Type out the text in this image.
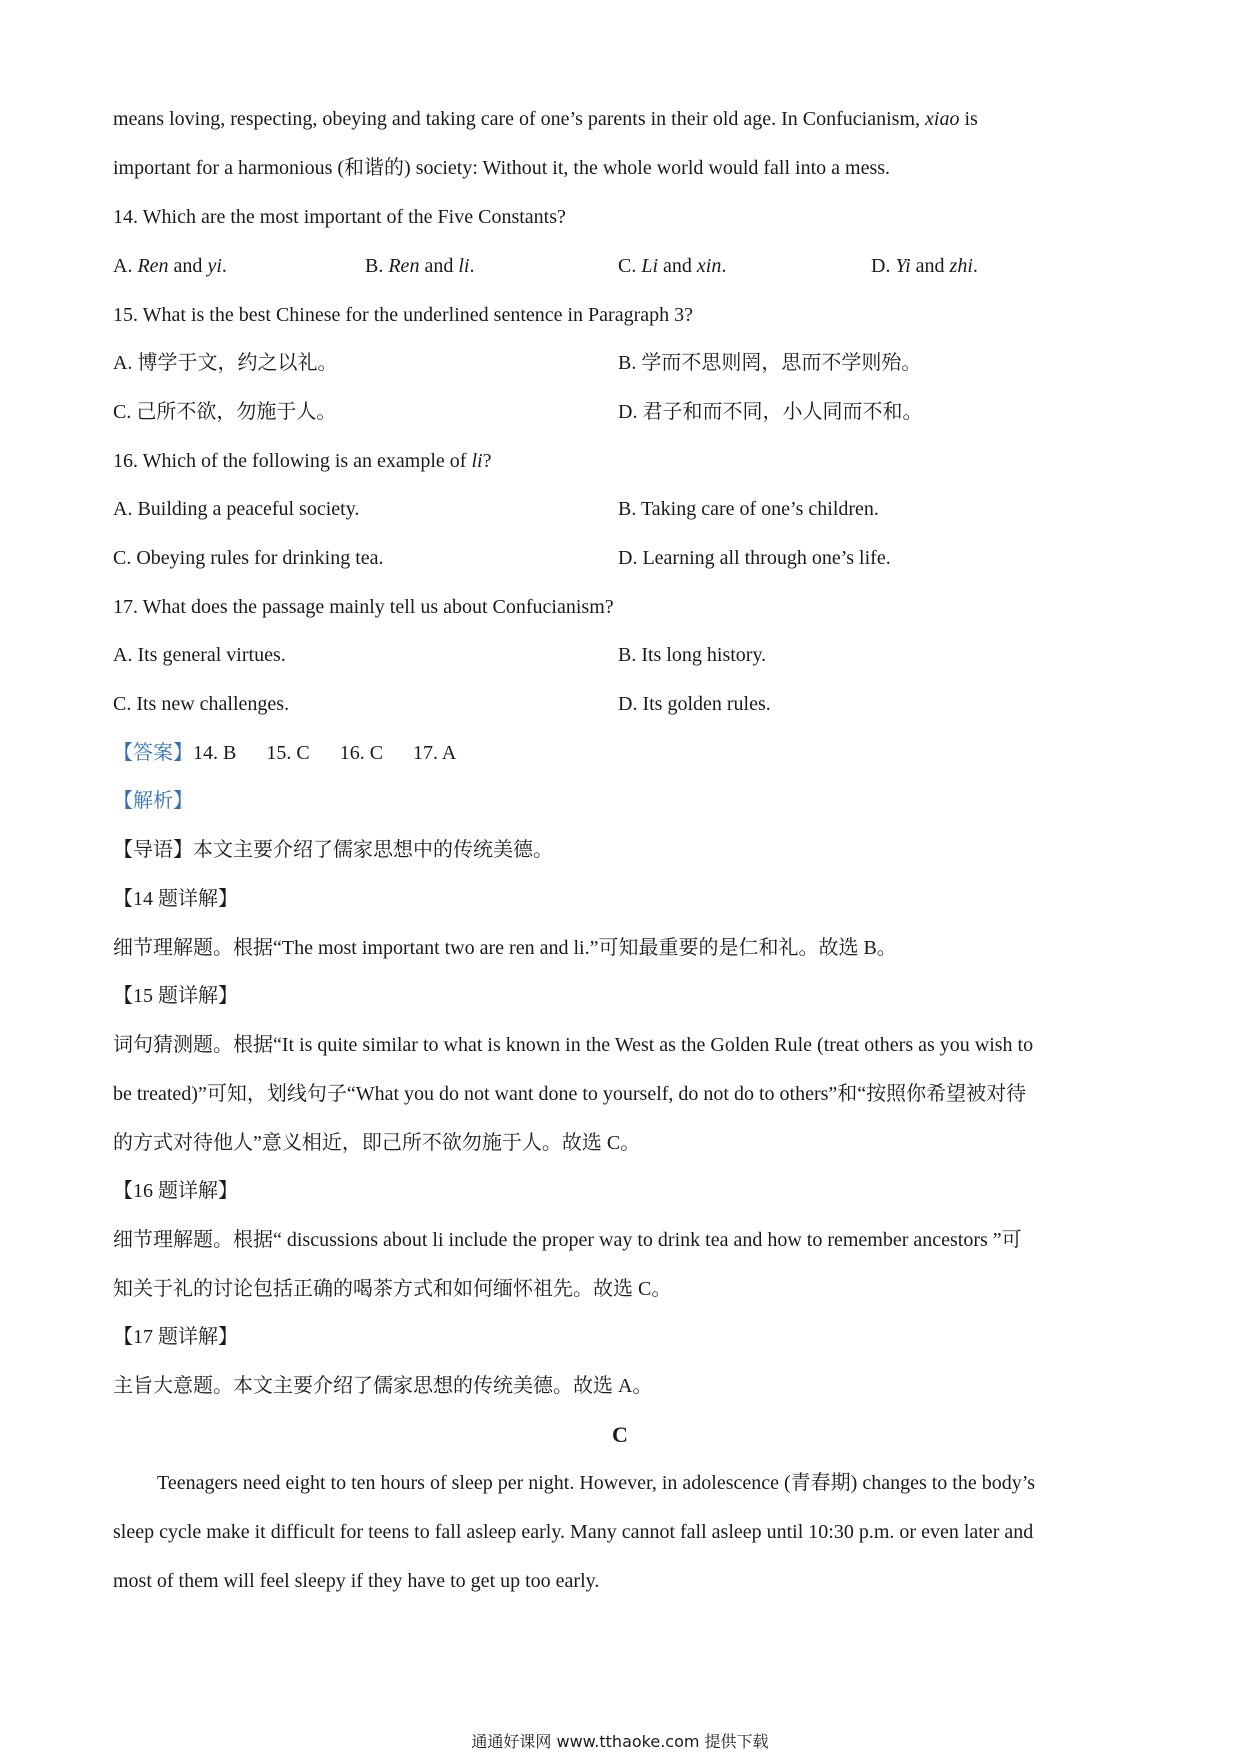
means loving, respecting, obeying and taking care of one’s parents in their old age. In Confucianism, xiao is
important for a harmonious (和谐的) society: Without it, the whole world would fall into a mess.
14. Which are the most important of the Five Constants?
A. Ren and yi.	B. Ren and li.	C. Li and xin.	D. Yi and zhi.
15. What is the best Chinese for the underlined sentence in Paragraph 3?
A. 博学于文，约之以礼。	B. 学而不思则罔，思而不学则殆。
C. 己所不欲，勿施于人。	D. 君子和而不同，小人同而不和。
16. Which of the following is an example of li?
A. Building a peaceful society.	B. Taking care of one’s children.
C. Obeying rules for drinking tea.	D. Learning all through one’s life.
17. What does the passage mainly tell us about Confucianism?
A. Its general virtues.	B. Its long history.
C. Its new challenges.	D. Its golden rules.
【答案】14. B 15. C 16. C 17. A
【解析】
【导语】本文主要介绍了儒家思想中的传统美德。
【14 题详解】
细节理解题。根据“The most important two are ren and li.”可知最重要的是仁和礼。故选 B。
【15 题详解】
词句猜测题。根据“It is quite similar to what is known in the West as the Golden Rule (treat others as you wish to
be treated)”可知，划线句子“What you do not want done to yourself, do not do to others”和“按照你希望被对待
的方式对待他人”意义相近，即己所不欲勿施于人。故选 C。
【16 题详解】
细节理解题。根据“ discussions about li include the proper way to drink tea and how to remember ancestors ”可
知关于礼的讨论包括正确的喝茶方式和如何缅怀祖先。故选 C。
【17 题详解】
主旨大意题。本文主要介绍了儒家思想的传统美德。故选 A。
C
Teenagers need eight to ten hours of sleep per night. However, in adolescence (青春期) changes to the body’s
sleep cycle make it difficult for teens to fall asleep early. Many cannot fall asleep until 10:30 p.m. or even later and
most of them will feel sleepy if they have to get up too early.
通通好课网 www.tthaoke.com 提供下载
